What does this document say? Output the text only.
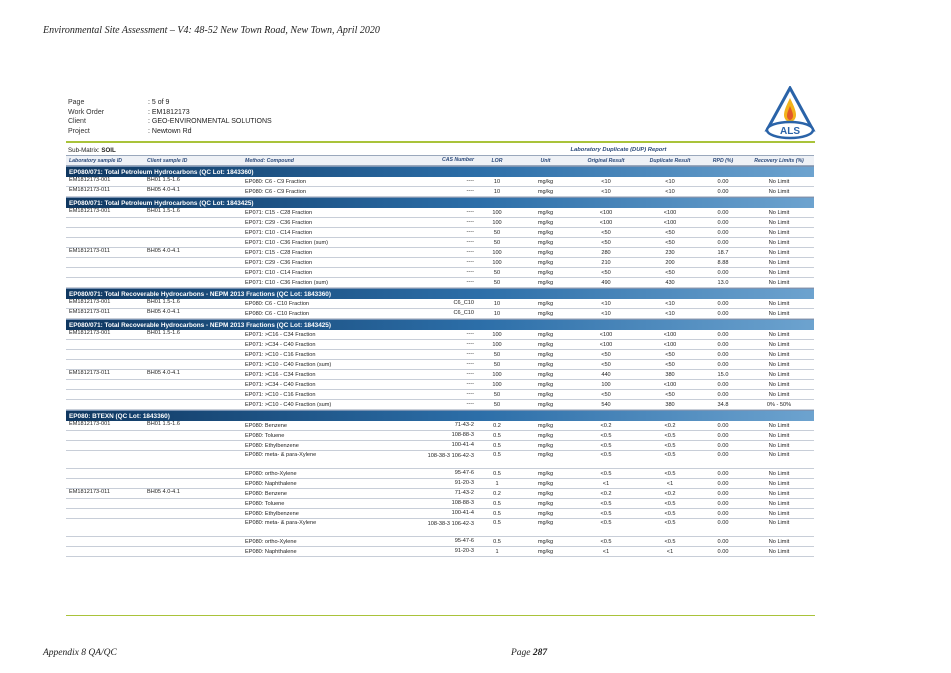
Environmental Site Assessment – V4: 48-52 New Town Road, New Town, April 2020
Page	: 5 of 9
Work Order	: EM1812173
Client	: GEO-ENVIRONMENTAL SOLUTIONS
Project	: Newtown Rd	ALS
Sub-Matrix: SOIL	Laboratory Duplicate (DUP) Report
Laboratory sample ID	Client sample ID	Method: Compound	CAS Number	LOR	Unit	Original Result	Duplicate Result	RPD (%)	Recovery Limits (%)
EP080/071: Total Petroleum Hydrocarbons (QC Lot: 1843360)
EM1812173-001	BH01 1.5-1.6	EP080: C6 - C9 Fraction	----	10	mg/kg	<10	<10	0.00	No Limit
EM1812173-011	BH05 4.0-4.1	EP080: C6 - C9 Fraction	----	10	mg/kg	<10	<10	0.00	No Limit
EP080/071: Total Petroleum Hydrocarbons (QC Lot: 1843425)
EM1812173-001	BH01 1.5-1.6	EP071: C15 - C28 Fraction	----	100	mg/kg	<100	<100	0.00	No Limit
EP071: C29 - C36 Fraction	----	100	mg/kg	<100	<100	0.00	No Limit
EP071: C10 - C14 Fraction	----	50	mg/kg	<50	<50	0.00	No Limit
EP071: C10 - C36 Fraction (sum)	----	50	mg/kg	<50	<50	0.00	No Limit
EM1812173-011	BH05 4.0-4.1	EP071: C15 - C28 Fraction	----	100	mg/kg	280	230	18.7	No Limit
EP071: C29 - C36 Fraction	----	100	mg/kg	210	200	8.88	No Limit
EP071: C10 - C14 Fraction	----	50	mg/kg	<50	<50	0.00	No Limit
EP071: C10 - C36 Fraction (sum)	----	50	mg/kg	490	430	13.0	No Limit
EP080/071: Total Recoverable Hydrocarbons - NEPM 2013 Fractions (QC Lot: 1843360)
EM1812173-001	BH01 1.5-1.6	EP080: C6 - C10 Fraction	C6_C10	10	mg/kg	<10	<10	0.00	No Limit
EM1812173-011	BH05 4.0-4.1	EP080: C6 - C10 Fraction	C6_C10	10	mg/kg	<10	<10	0.00	No Limit
EP080/071: Total Recoverable Hydrocarbons - NEPM 2013 Fractions (QC Lot: 1843425)
EM1812173-001	BH01 1.5-1.6	EP071: >C16 - C34 Fraction	----	100	mg/kg	<100	<100	0.00	No Limit
EP071: >C34 - C40 Fraction	----	100	mg/kg	<100	<100	0.00	No Limit
EP071: >C10 - C16 Fraction	----	50	mg/kg	<50	<50	0.00	No Limit
EP071: >C10 - C40 Fraction (sum)	----	50	mg/kg	<50	<50	0.00	No Limit
EM1812173-011	BH05 4.0-4.1	EP071: >C16 - C34 Fraction	----	100	mg/kg	440	380	15.0	No Limit
EP071: >C34 - C40 Fraction	----	100	mg/kg	100	<100	0.00	No Limit
EP071: >C10 - C16 Fraction	----	50	mg/kg	<50	<50	0.00	No Limit
EP071: >C10 - C40 Fraction (sum)	----	50	mg/kg	540	380	34.8	0% - 50%
EP080: BTEXN (QC Lot: 1843360)
EM1812173-001	BH01 1.5-1.6	EP080: Benzene	71-43-2	0.2	mg/kg	<0.2	<0.2	0.00	No Limit
EP080: Toluene	108-88-3	0.5	mg/kg	<0.5	<0.5	0.00	No Limit
EP080: Ethylbenzene	100-41-4	0.5	mg/kg	<0.5	<0.5	0.00	No Limit
EP080: meta- & para-Xylene	108-38-3 106-42-3	0.5	mg/kg	<0.5	<0.5	0.00	No Limit
EP080: ortho-Xylene	95-47-6	0.5	mg/kg	<0.5	<0.5	0.00	No Limit
EP080: Naphthalene	91-20-3	1	mg/kg	<1	<1	0.00	No Limit
EM1812173-011	BH05 4.0-4.1	EP080: Benzene	71-43-2	0.2	mg/kg	<0.2	<0.2	0.00	No Limit
EP080: Toluene	108-88-3	0.5	mg/kg	<0.5	<0.5	0.00	No Limit
EP080: Ethylbenzene	100-41-4	0.5	mg/kg	<0.5	<0.5	0.00	No Limit
EP080: meta- & para-Xylene	108-38-3 106-42-3	0.5	mg/kg	<0.5	<0.5	0.00	No Limit
EP080: ortho-Xylene	95-47-6	0.5	mg/kg	<0.5	<0.5	0.00	No Limit
EP080: Naphthalene	91-20-3	1	mg/kg	<1	<1	0.00	No Limit
Appendix 8 QA/QC	Page 287
